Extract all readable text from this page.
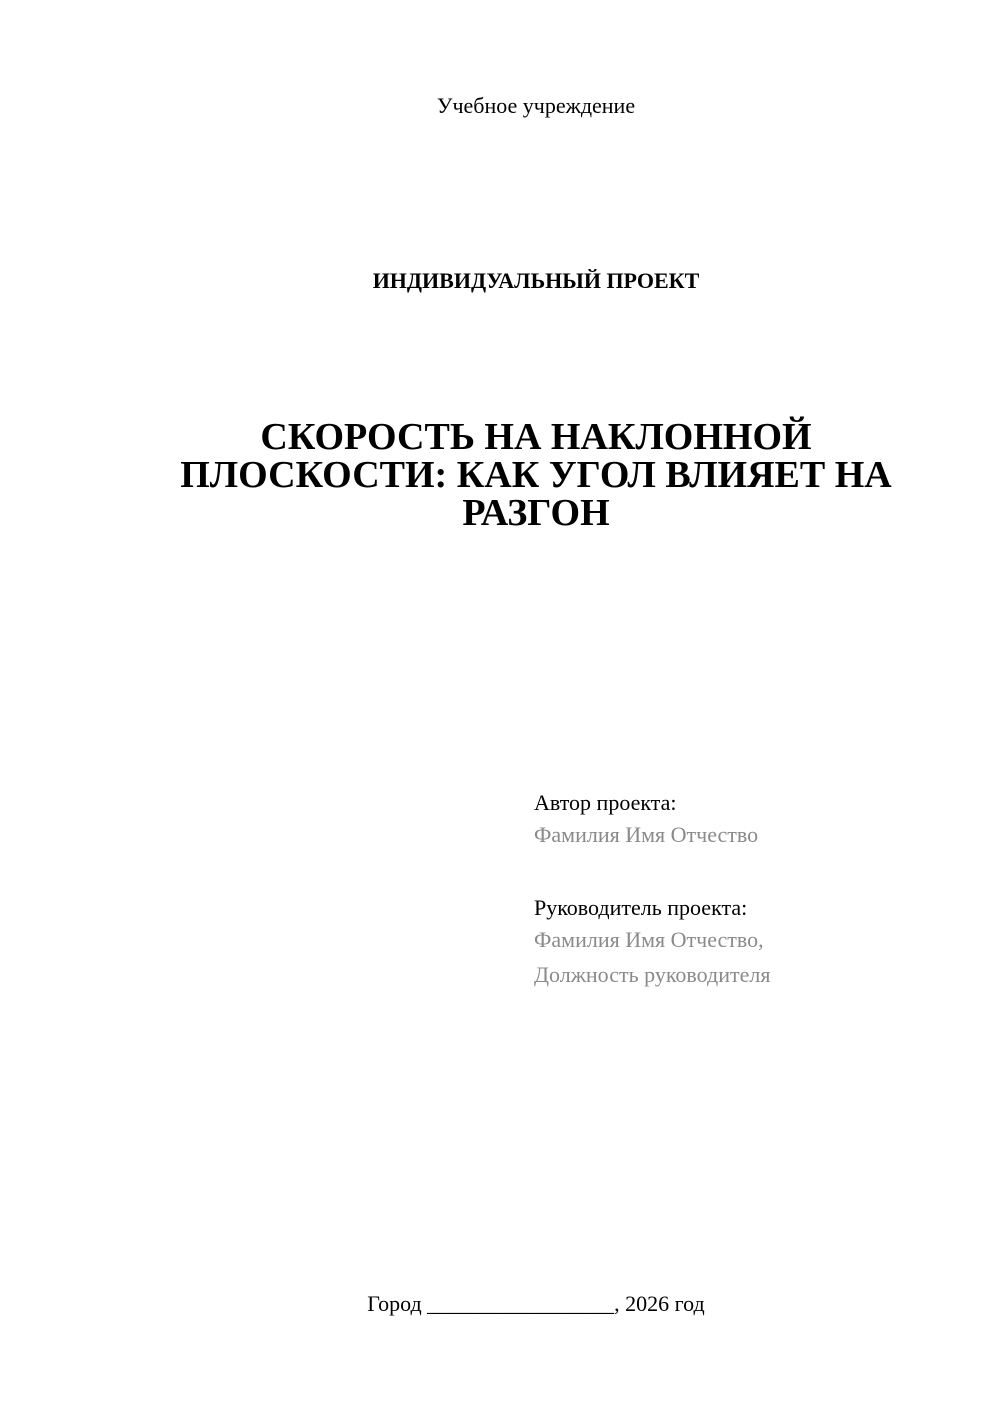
Учебное учреждение
ИНДИВИДУАЛЬНЫЙ ПРОЕКТ
СКОРОСТЬ НА НАКЛОННОЙ ПЛОСКОСТИ: КАК УГОЛ ВЛИЯЕТ НА РАЗГОН
Автор проекта:
Фамилия Имя Отчество
Руководитель проекта:
Фамилия Имя Отчество,
Должность руководителя
Город _________________, 2026 год
